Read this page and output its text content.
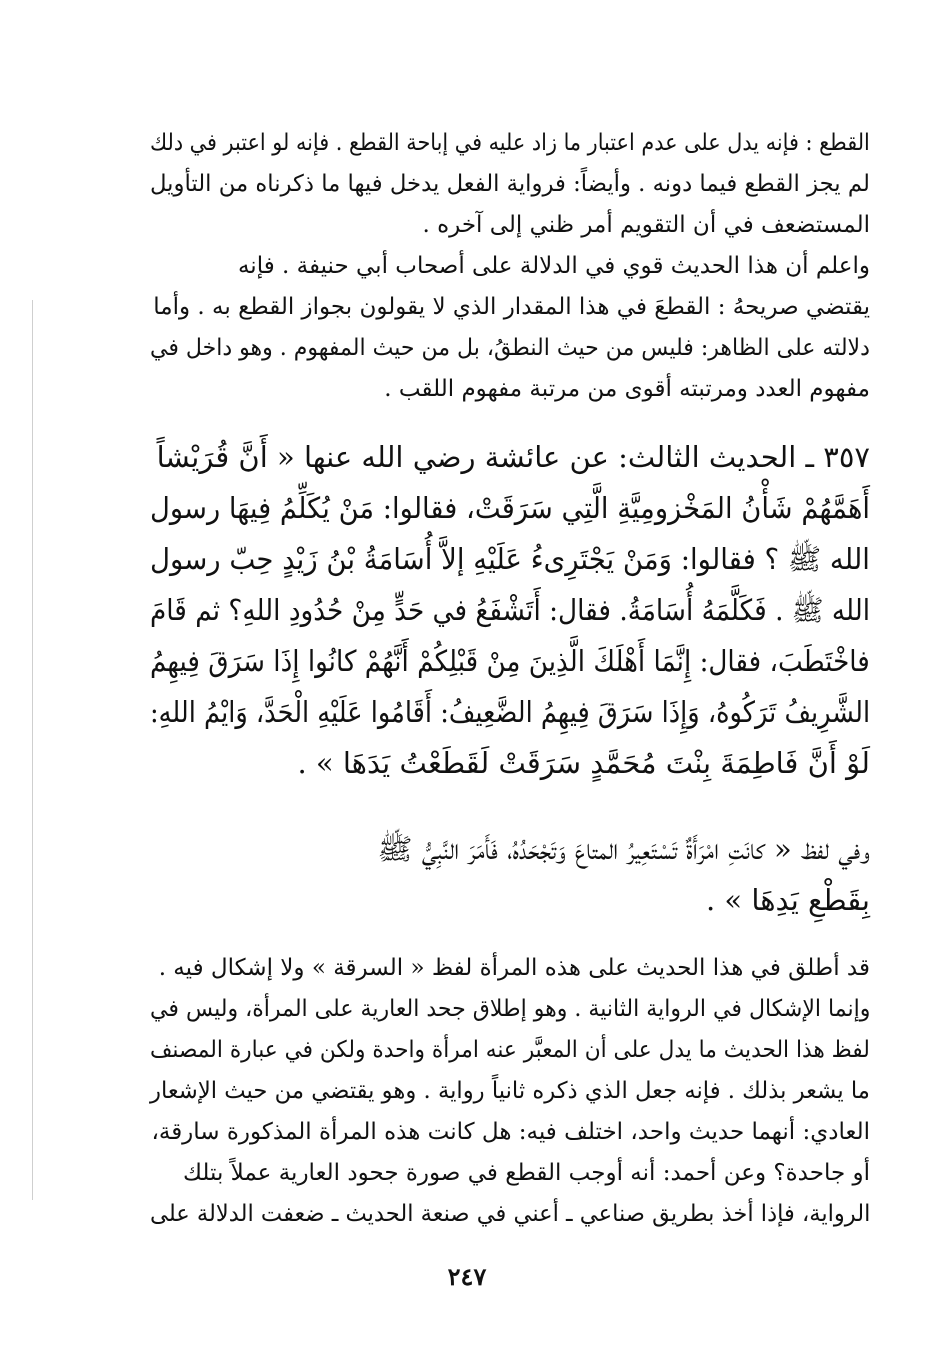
القطع : فإنه يدل على عدم اعتبار ما زاد عليه في إباحة القطع . فإنه لو اعتبر في دلك
لم يجز القطع فيما دونه . وأيضاً: فرواية الفعل يدخل فيها ما ذكرناه من التأويل
المستضعف في أن التقويم أمر ظني إلى آخره .
واعلم أن هذا الحديث قوي في الدلالة على أصحاب أبي حنيفة . فإنه
يقتضي صريحهُ : القطعَ في هذا المقدار الذي لا يقولون بجواز القطع به . وأما
دلالته على الظاهر: فليس من حيث النطقُ، بل من حيث المفهوم . وهو داخل في
مفهوم العدد ومرتبته أقوى من مرتبة مفهوم اللقب .
٣٥٧ ـ الحديث الثالث: عن عائشة رضي الله عنها « أَنَّ قُرَيْشاً
أَهَمَّهُمْ شَأْنُ المَخْزومِيَّةِ الَّتِي سَرَقَتْ، فقالوا: مَنْ يُكَلِّمُ فِيهَا رسول
الله ﷺ ؟ فقالوا: وَمَنْ يَجْتَرِىءُ عَلَيْهِ إلاَّ أُسَامَةُ بْنُ زَيْدٍ حِبّ رسول
الله ﷺ . فَكَلَّمَهُ أُسَامَةُ. فقال: أَتَشْفَعُ في حَدٍّ مِنْ حُدُودِ اللهِ؟ ثم قَامَ
فاخْتَطَبَ، فقال: إِنَّمَا أَهْلَكَ الَّذِينَ مِنْ قَبْلِكُمْ أَنَّهُمْ كانُوا إِذَا سَرَقَ فِيهِمُ
الشَّرِيفُ تَرَكُوهُ، وَإِذَا سَرَقَ فِيهِمُ الضَّعِيفُ: أَقَامُوا عَلَيْهِ الْحَدَّ، وَايْمُ اللهِ:
لَوْ أَنَّ فَاطِمَةَ بِنْتَ مُحَمَّدٍ سَرَقَتْ لَقَطَعْتُ يَدَهَا » .
وفي لفظ « كانَتِ امْرَأَةٌ تَسْتَعِيرُ المتاعَ وَتَجْحَدُهُ، فَأَمَرَ النَّبِيُّ ﷺ
بِقَطْعِ يَدِهَا » .
قد أطلق في هذا الحديث على هذه المرأة لفظ « السرقة » ولا إشكال فيه .
وإنما الإشكال في الرواية الثانية . وهو إطلاق جحد العارية على المرأة، وليس في
لفظ هذا الحديث ما يدل على أن المعبَّر عنه امرأة واحدة ولكن في عبارة المصنف
ما يشعر بذلك . فإنه جعل الذي ذكره ثانياً رواية . وهو يقتضي من حيث الإشعار
العادي: أنهما حديث واحد، اختلف فيه: هل كانت هذه المرأة المذكورة سارقة،
أو جاحدة؟ وعن أحمد: أنه أوجب القطع في صورة جحود العارية عملاً بتلك
الرواية، فإذا أخذ بطريق صناعي ـ أعني في صنعة الحديث ـ ضعفت الدلالة على
٢٤٧
